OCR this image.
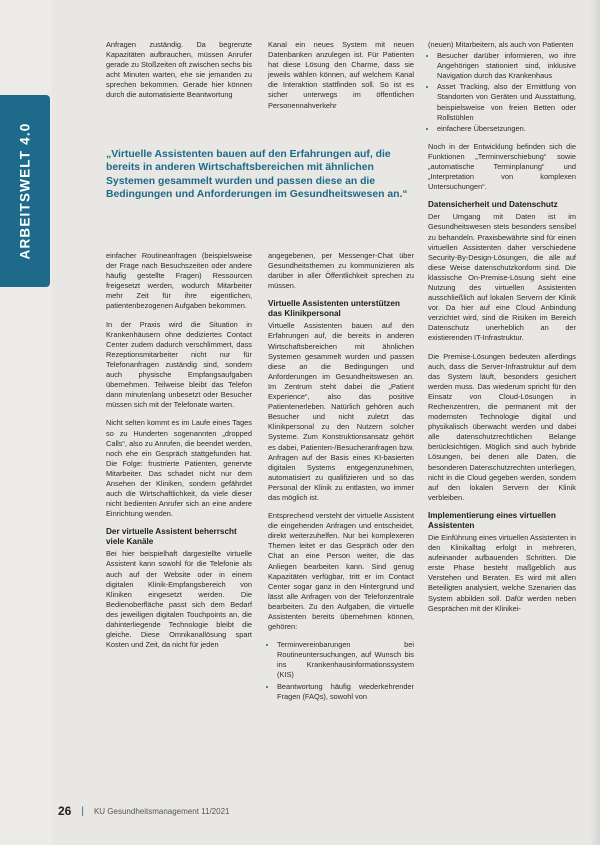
ARBEITSWELT 4.0

Anfragen zuständig. Da begrenzte Kapazitäten aufbrauchen, müssen Anrufer gerade zu Stoßzeiten oft zwischen sechs bis acht Minuten warten, ehe sie jemanden zu sprechen bekommen. Gerade hier können durch die automatisierte Beantwortung

Kanal ein neues System mit neuen Datenbanken anzulegen ist. Für Patienten hat diese Lösung den Charme, dass sie jeweils wählen können, auf welchem Kanal die Interaktion stattfinden soll. So ist es sicher unterwegs im öffentlichen Personennahverkehr

„Virtuelle Assistenten bauen auf den Erfahrungen auf, die bereits in anderen Wirtschaftsbereichen mit ähnlichen Systemen gesammelt wurden und passen diese an die Bedingungen und Anforderungen im Gesundheitswesen an.“

einfacher Routineanfragen (beispielsweise der Frage nach Besuchszeiten oder andere häufig gestellte Fragen) Ressourcen freigesetzt werden, wodurch Mitarbeiter mehr Zeit für ihre eigentlichen, patientenbezogenen Aufgaben bekommen.

In der Praxis wird die Situation in Krankenhäusern ohne dediziertes Contact Center zudem dadurch verschlimmert, dass Rezeptionsmitarbeiter nicht nur für Telefonanfragen zuständig sind, sondern auch physische Empfangsaufgaben übernehmen. Teilweise bleibt das Telefon dann minutenlang unbesetzt oder Besucher müssen sich mit der Telefonate warten.

Nicht selten kommt es im Laufe eines Tages so zu Hunderten sogenannten „dropped Calls“, also zu Anrufen, die beendet werden, noch ehe ein Gespräch stattgefunden hat. Die Folge: frustrierte Patienten, genervte Mitarbeiter. Das schadet nicht nur dem Ansehen der Kliniken, sondern gefährdet auch die Wirtschaftlichkeit, da viele dieser nicht bedienten Anrufer sich an eine andere Einrichtung wenden.

Der virtuelle Assistent beherrscht viele Kanäle

Bei hier beispielhaft dargestellte virtuelle Assistent kann sowohl für die Telefonie als auch auf der Website oder in einem digitalen Klinik-Empfangsbereich von Kliniken eingesetzt werden. Die Bedienoberfläche passt sich dem Bedarf des jeweiligen digitalen Touchpoints an, die dahinterliegende Technologie bleibt die gleiche. Diese Omnikanallösung spart Kosten und Zeit, da nicht für jeden

angegebenen, per Messenger-Chat über Gesundheitsthemen zu kommunizieren als darüber in aller Öffentlichkeit sprechen zu müssen.

Virtuelle Assistenten unterstützen das Klinikpersonal

Virtuelle Assistenten bauen auf den Erfahrungen auf, die bereits in anderen Wirtschaftsbereichen mit ähnlichen Systemen gesammelt wurden und passen diese an die Bedingungen und Anforderungen im Gesundheitswesen an. Im Zentrum steht dabei die „Patient Experience“, also das positive Patientenerleben. Natürlich gehören auch Besucher und nicht zuletzt das Klinikpersonal zu den Nutzern solcher Systeme. Zum Konstruktionsansatz gehört es dabei, Patienten-/Besucheranfragen bzw. Anfragen auf der Basis eines KI-basierten digitalen Systems entgegenzunehmen, automatisiert zu qualifizieren und so das Personal der Klinik zu entlasten, wo immer das möglich ist.

Entsprechend versteht der virtuelle Assistent die eingehenden Anfragen und entscheidet, direkt weiterzuhelfen. Nur bei komplexeren Themen leitet er das Gespräch oder den Chat an eine Person weiter, die das Anliegen bearbeiten kann. Sind genug Kapazitäten verfügbar, tritt er im Contact Center sogar ganz in den Hintergrund und lässt alle Anfragen von der Telefonzentrale bearbeiten. Zu den Aufgaben, die virtuelle Assistenten bereits übernehmen können, gehören:

• Terminvereinbarungen bei Routineuntersuchungen, auf Wunsch bis ins Krankenhausinformationssystem (KIS)
• Beantwortung häufig wiederkehrender Fragen (FAQs), sowohl von

(neuen) Mitarbeitern, als auch von Patienten

• Besucher darüber informieren, wo ihre Angehörigen stationiert sind, inklusive Navigation durch das Krankenhaus
• Asset Tracking, also der Ermittlung von Standorten von Geräten und Ausstattung, beispielsweise von freien Betten oder Rollstühlen
• einfachere Übersetzungen.

Noch in der Entwicklung befinden sich die Funktionen „Terminverschiebung“ sowie „automatische Terminplanung“ und „Interpretation von komplexen Untersuchungen“.

Datensicherheit und Datenschutz

Der Umgang mit Daten ist im Gesundheitswesen stets besonders sensibel zu behandeln. Praxisbewährte sind für einen virtuellen Assistenten daher verschiedene Security-By-Design-Lösungen, die alle auf diese Weise datenschutzkonform sind. Die klassische On-Premise-Lösung sieht eine Nutzung des virtuellen Assistenten ausschließlich auf lokalen Servern der Klinik vor. Da hier auf eine Cloud Anbindung verzichtet wird, sind die Risiken im Bereich Datenschutz unerheblich an der existierenden IT-Infrastruktur.

Die Premise-Lösungen bedeuten allerdings auch, dass die Server-Infrastruktur auf dem das System läuft, besonders gesichert werden muss. Das wiederum spricht für den Einsatz von Cloud-Lösungen in Rechenzentren, die permanent mit der modernsten Technologie digital und physikalisch überwacht werden und dabei alle datenschutzrechtlichen Belange berücksichtigen. Möglich sind auch hybride Lösungen, bei denen alle Daten, die besonderen Datenschutzrechten unterliegen, nicht in die Cloud gegeben werden, sondern auf den lokalen Servern der Klinik verbleiben.

Implementierung eines virtuellen Assistenten

Die Einführung eines virtuellen Assistenten in den Klinikalltag erfolgt in mehreren, aufeinander aufbauenden Schritten. Die erste Phase besteht maßgeblich aus Verstehen und Beraten. Es wird mit allen Beteiligten analysiert, welche Szenarien das System abbilden soll. Dafür werden neben Gesprächen mit der Klinikei-

26 | KU Gesundheitsmanagement 11/2021
